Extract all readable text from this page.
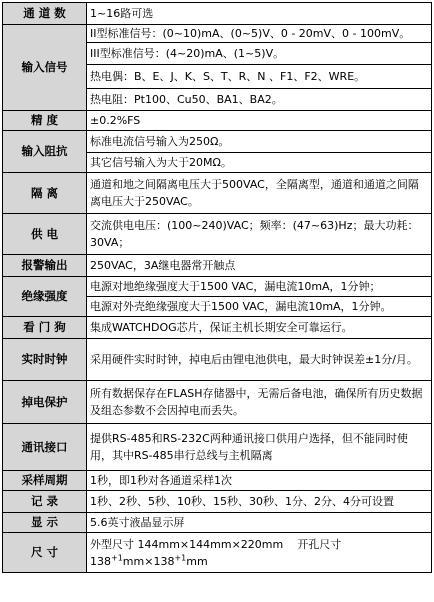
通 道 数	1~16路可选
输入信号	II型标准信号：(0~10)mA、(0~5)V、0 - 20mV、0 - 100mV。
	III型标准信号：(4~20)mA、(1~5)V。
	热电偶：B、E、J、K、S、T、R、N 、F1、F2、WRE。
	热电阻：Pt100、Cu50、BA1、BA2。
精 度	±0.2%FS
输入阻抗	标准电流信号输入为250Ω。
	其它信号输入为大于20MΩ。
隔 离	通道和地之间隔离电压大于500VAC，全隔离型，通道和通道之间隔离电压大于250VAC。
供 电	交流供电电压：(100~240)VAC；频率：(47~63)Hz；最大功耗：30VA；
报警输出	250VAC，3A继电器常开触点
绝缘强度	电源对地绝缘强度大于1500 VAC，漏电流10mA，1分钟；
	电源对外壳绝缘强度大于1500 VAC，漏电流10mA，1分钟。
看 门 狗	集成WATCHDOG芯片，保证主机长期安全可靠运行。
实时时钟	采用硬件实时时钟，掉电后由锂电池供电，最大时钟误差±1分/月。
掉电保护	所有数据保存在FLASH存储器中，无需后备电池，确保所有历史数据及组态参数不会因掉电而丢失。
通讯接口	提供RS-485和RS-232C两种通讯接口供用户选择，但不能同时使用，其中RS-485串行总线与主机隔离
采样周期	1秒，即1秒对各通道采样1次
记 录	1秒、2秒、5秒、10秒、15秒、30秒、1分、2分、4分可设置
显 示	5.6英寸液晶显示屏
尺 寸	外型尺寸 144mm×144mm×220mm 开孔尺寸 $138^{+1}mm\times 138^{+1}mm$
